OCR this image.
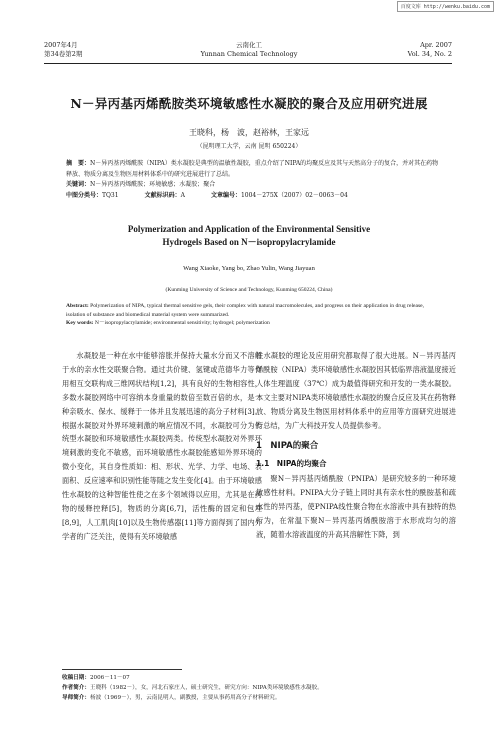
百度文库 http://wenku.baidu.com
2007年4月
第34卷第2期
云南化工
Yunnan Chemical Technology
Apr. 2007
Vol. 34, No. 2
N－异丙基丙烯酰胺类环境敏感性水凝胶的聚合及应用研究进展
王晓科，杨　波，赵裕林，王家远
（昆明理工大学，云南 昆明 650224）

摘　要：N－异丙基丙烯酰胺（NIPA）类水凝胶是典型的温敏性凝胶，重点介绍了NIPA的均聚反应及其与天然高分子的复合，并对其在药物释放、物质分离及生物医用材料体系中的研究进展进行了总结。

关键词：N－异丙基丙烯酰胺；环境敏感；水凝胶；聚合

中图分类号：TQ31	文献标识码：A	文章编号：1004－275X（2007）02－0063－04
Polymerization and Application of the Environmental Sensitive
Hydrogels Based on N－isopropylacrylamide
Wang Xiaoke, Yang bo, Zhao Yulin, Wang Jiayuan
(Kunming University of Science and Technology, Kunming 650224, China)

Abstract: Polymerization of NIPA, typical thermal sensitive gels, their complex with natural macromolecules, and progress on their application in drug release, isolation of substance and biomedical material system were summarized.

Key words: N－isopropylacrylamide; environmental sensitivity; hydrogel; polymerization

水凝胶是一种在水中能够溶胀并保持大量水分而又不溶解于水的亲水性交联聚合物。通过共价键、氢键或范德华力等作用相互交联构成三维网状结构[1,2]，具有良好的生物相容性，多数水凝胶网络中可容纳本身重量的数倍至数百倍的水，是一种亲吸水、保水、缓释于一体并且发展迅速的高分子材料[3]。根据水凝胶对外界环境刺激的响应情况不同，水凝胶可分为传统型水凝胶和环境敏感性水凝胶两类。传统型水凝胶对外界环境刺激的变化不敏感，而环境敏感性水凝胶能感知外界环境的微小变化，其自身性质如：相、形状、光学、力学、电场、表面积、反应速率和识别性能等随之发生变化[4]。由于环境敏感性水凝胶的这种智能性使之在多个领域得以应用，尤其是在药物的缓释控释[5]，物质的分离[6,7]，活性酶的固定和包埋[8,9]，人工肌肉[10]以及生物传感器[11]等方面得到了国内外学者的广泛关注，使得有关环境敏感

性水凝胶的理论及应用研究都取得了很大进展。N－异丙基丙烯酰胺（NIPA）类环境敏感性水凝胶因其低临界溶液温度接近人体生理温度（37℃）成为最值得研究和开发的一类水凝胶。本文主要对NIPA类环境敏感性水凝胶的聚合反应及其在药物释放、物质分离及生物医用材料体系中的应用等方面研究进展进行总结，为广大科技开发人员提供参考。

1　NIPA的聚合
1.1　NIPA的均聚合

聚N－异丙基丙烯酰胺（PNIPA）是研究较多的一种环境敏感性材料。PNIPA大分子链上同时具有亲水性的酰胺基和疏水性的异丙基，使PNIPA线性聚合物在水溶液中具有独特的热行为，在常温下聚N－异丙基丙烯酰胺溶于水形成均匀的溶液，随着水溶液温度的升高其溶解性下降，到

收稿日期：2006－11－07

作者简介：王晓科（1982－），女，河北石家庄人，硕士研究生，研究方向：NIPA类环境敏感性水凝胶。

导师简介：杨波（1969－），男，云南昆明人，副教授，主要从事药用高分子材料研究。
